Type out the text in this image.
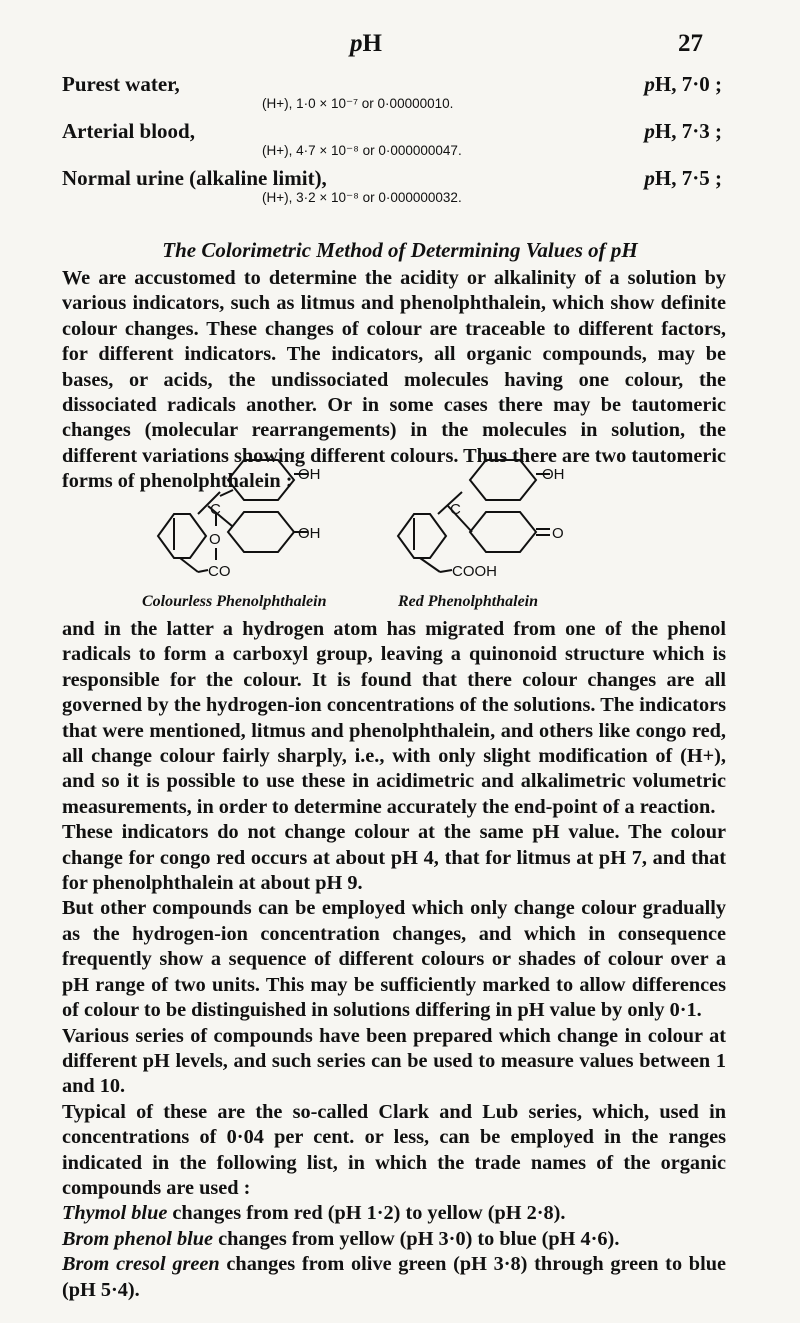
pH	27
Purest water,	pH, 7·0 ;
(H+), 1·0 × 10⁻⁷ or 0·00000010.
Arterial blood,	pH, 7·3 ;
(H+), 4·7 × 10⁻⁸ or 0·000000047.
Normal urine (alkaline limit),	pH, 7·5 ;
(H+), 3·2 × 10⁻⁸ or 0·000000032.
The Colorimetric Method of Determining Values of pH

We are accustomed to determine the acidity or alkalinity of a solution by various indicators, such as litmus and phenolphthalein, which show definite colour changes. These changes of colour are traceable to different factors, for different indicators. The indicators, all organic compounds, may be bases, or acids, the undissociated molecules having one colour, the dissociated radicals another. Or in some cases there may be tautomeric changes (molecular rearrangements) in the molecules in solution, the different variations showing different colours. Thus there are two tautomeric forms of phenolphthalein : OH
OH
C
O
CO
OH
C
O
COOH
Colourless Phenolphthalein	Red Phenolphthalein

and in the latter a hydrogen atom has migrated from one of the phenol radicals to form a carboxyl group, leaving a quinonoid structure which is responsible for the colour. It is found that there colour changes are all governed by the hydrogen-ion concentrations of the solutions. The indicators that were mentioned, litmus and phenolphthalein, and others like congo red, all change colour fairly sharply, i.e., with only slight modification of (H+), and so it is possible to use these in acidimetric and alkalimetric volumetric measurements, in order to determine accurately the end-point of a reaction.

These indicators do not change colour at the same pH value. The colour change for congo red occurs at about pH 4, that for litmus at pH 7, and that for phenolphthalein at about pH 9.

But other compounds can be employed which only change colour gradually as the hydrogen-ion concentration changes, and which in consequence frequently show a sequence of different colours or shades of colour over a pH range of two units. This may be sufficiently marked to allow differences of colour to be distinguished in solutions differing in pH value by only 0·1.

Various series of compounds have been prepared which change in colour at different pH levels, and such series can be used to measure values between 1 and 10.

Typical of these are the so-called Clark and Lub series, which, used in concentrations of 0·04 per cent. or less, can be employed in the ranges indicated in the following list, in which the trade names of the organic compounds are used :

Thymol blue changes from red (pH 1·2) to yellow (pH 2·8).

Brom phenol blue changes from yellow (pH 3·0) to blue (pH 4·6).

Brom cresol green changes from olive green (pH 3·8) through green to blue (pH 5·4).
